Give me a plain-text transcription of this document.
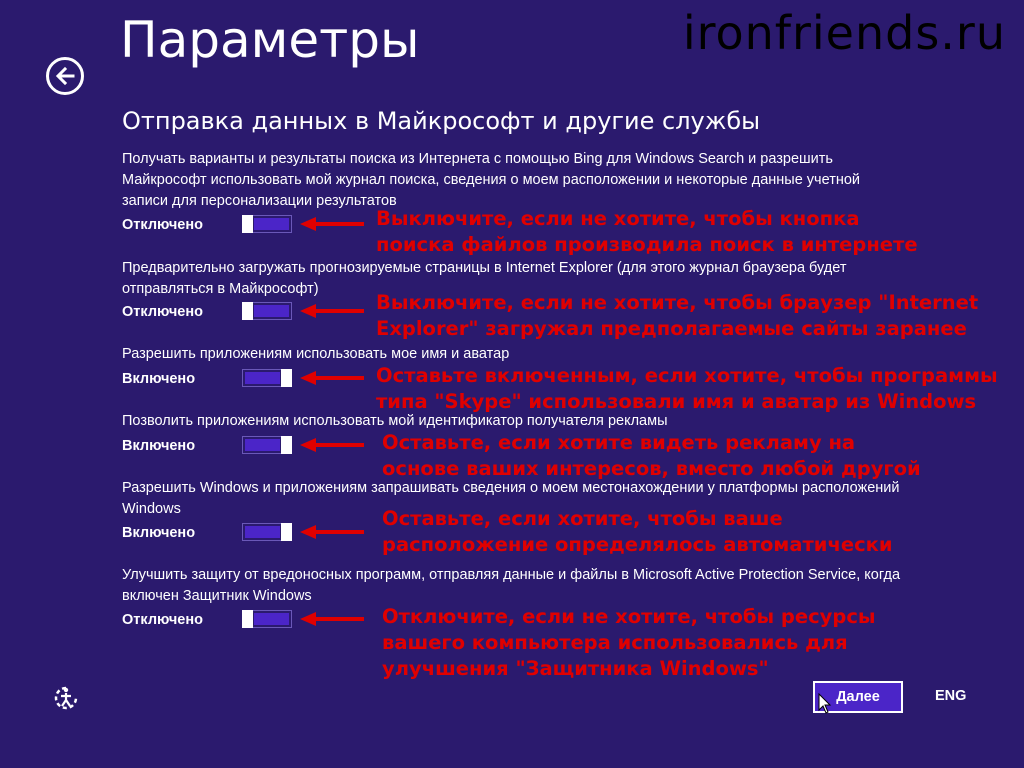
ironfriends.ru
Параметры
Отправка данных в Майкрософт и другие службы

Получать варианты и результаты поиска из Интернета с помощью Bing для Windows Search и разрешить Майкрософт использовать мой журнал поиска, сведения о моем расположении и некоторые данные учетной записи для персонализации результатов

Отключено	Выключите, если не хотите, чтобы кнопка
поиска файлов производила поиск в интернете

Предварительно загружать прогнозируемые страницы в Internet Explorer (для этого журнал браузера будет отправляться в Майкрософт)

Отключено	Выключите, если не хотите, чтобы браузер "Internet
Explorer" загружал предполагаемые сайты заранее

Разрешить приложениям использовать мое имя и аватар

Включено	Оставьте включенным, если хотите, чтобы программы
типа "Skype" использовали имя и аватар из Windows

Позволить приложениям использовать мой идентификатор получателя рекламы

Включено	Оставьте, если хотите видеть рекламу на
основе ваших интересов, вместо любой другой

Разрешить Windows и приложениям запрашивать сведения о моем местонахождении у платформы расположений Windows

Включено
Оставьте, если хотите, чтобы ваше
расположение определялось автоматически

Улучшить защиту от вредоносных программ, отправляя данные и файлы в Microsoft Active Protection Service, когда включен Защитник Windows

Отключено	Отключите, если не хотите, чтобы ресурсы
вашего компьютера использовались для
улучшения "Защитника Windows"
Далее	ENG
